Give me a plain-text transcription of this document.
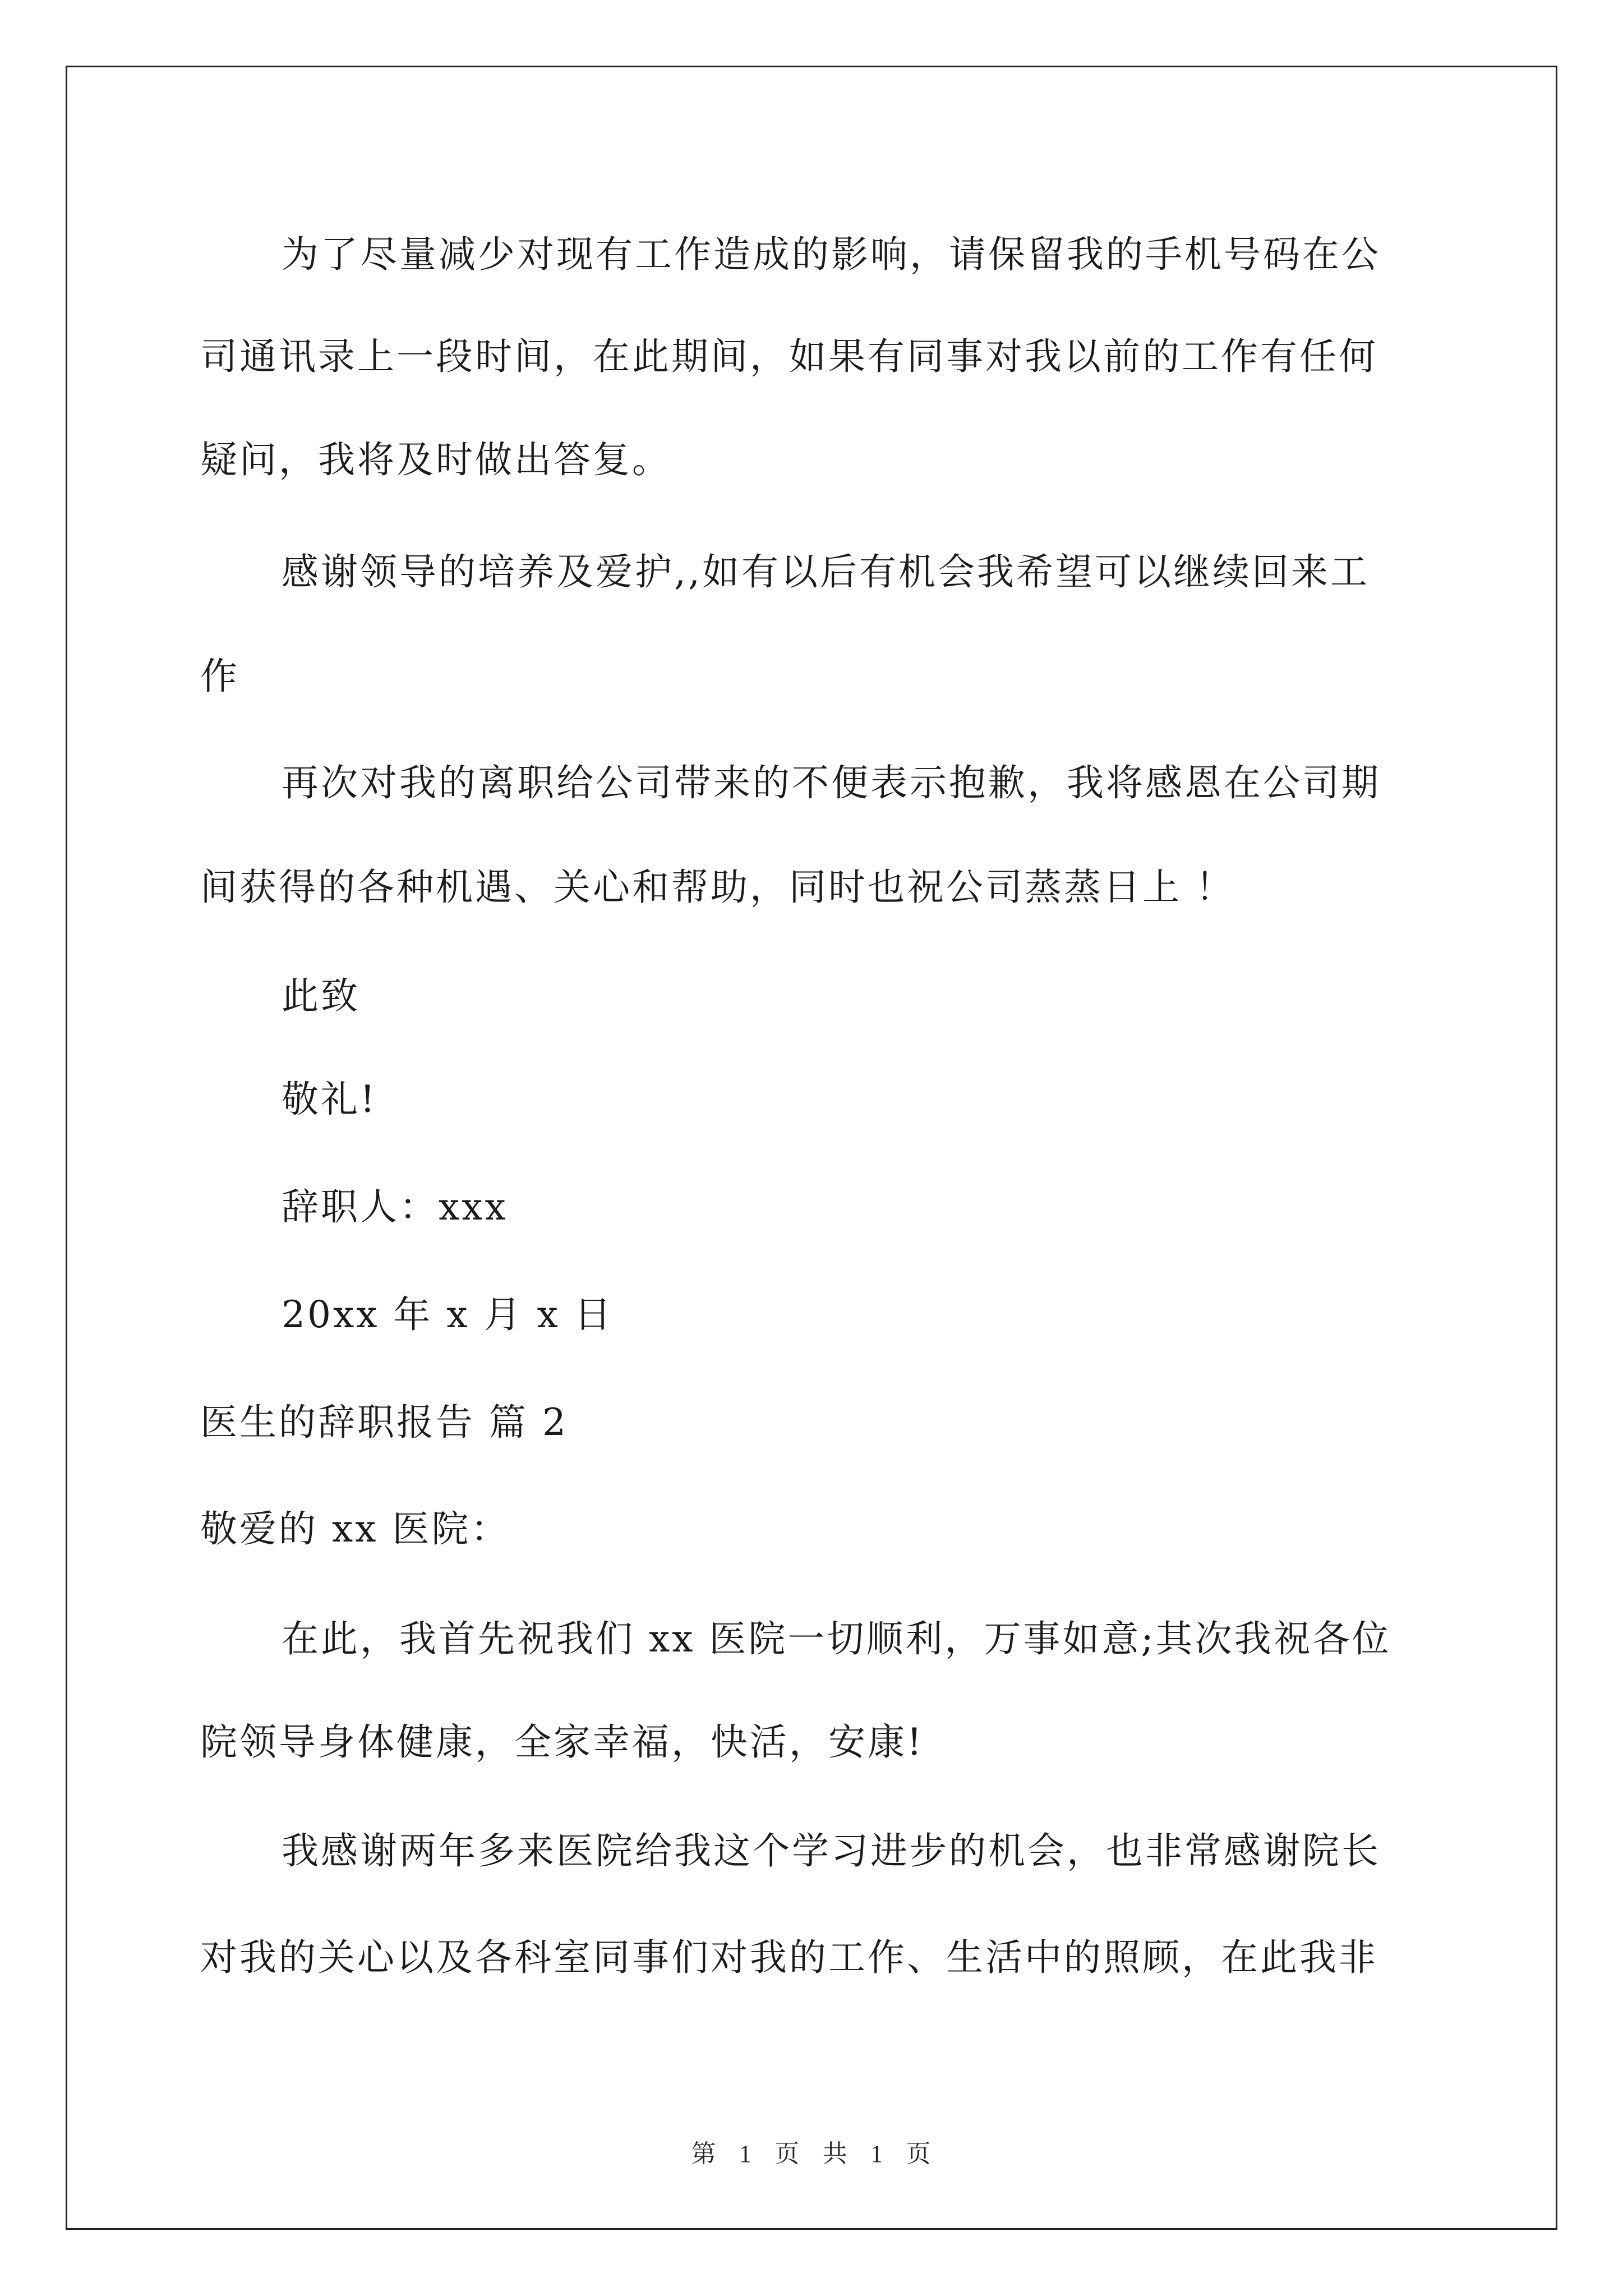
为了尽量减少对现有工作造成的影响，请保留我的手机号码在公
司通讯录上一段时间，在此期间，如果有同事对我以前的工作有任何
疑问，我将及时做出答复。
感谢领导的培养及爱护,,如有以后有机会我希望可以继续回来工
作
再次对我的离职给公司带来的不便表示抱歉，我将感恩在公司期
间获得的各种机遇、关心和帮助，同时也祝公司蒸蒸日上 ！
此致
敬礼!
辞职人：xxx
20xx 年 x 月 x 日
医生的辞职报告 篇 2
敬爱的 xx 医院：
在此，我首先祝我们 xx 医院一切顺利，万事如意;其次我祝各位
院领导身体健康，全家幸福，快活，安康!
我感谢两年多来医院给我这个学习进步的机会，也非常感谢院长
对我的关心以及各科室同事们对我的工作、生活中的照顾，在此我非
第 1 页 共 1 页
